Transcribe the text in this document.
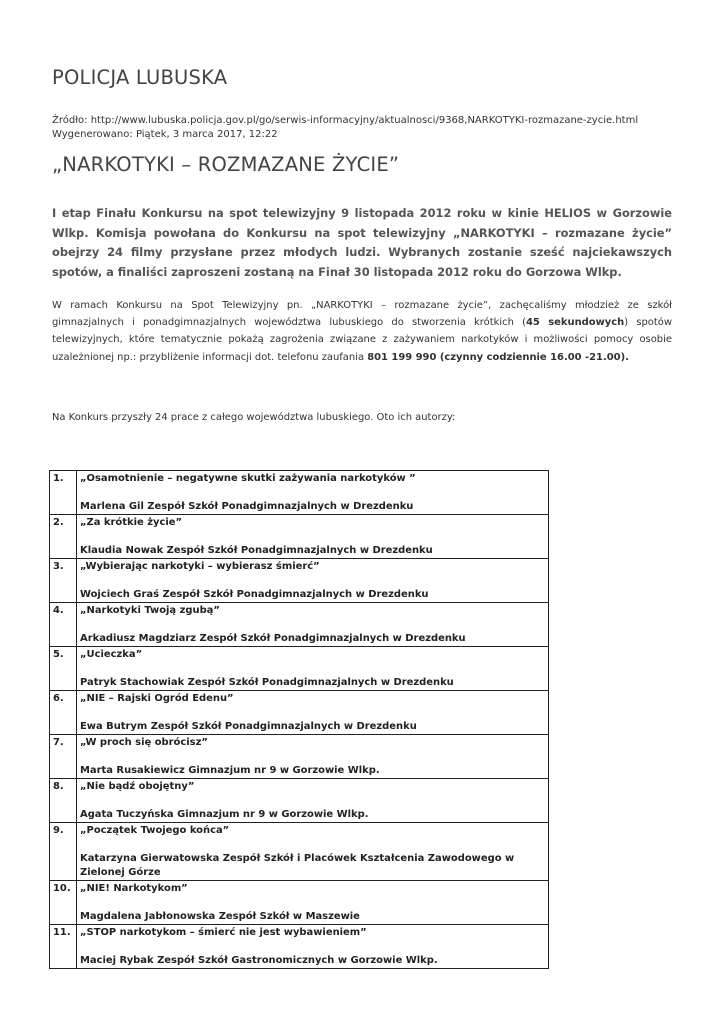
POLICJA LUBUSKA
Źródło: http://www.lubuska.policja.gov.pl/go/serwis-informacyjny/aktualnosci/9368,NARKOTYKI-rozmazane-zycie.html
Wygenerowano: Piątek, 3 marca 2017, 12:22
„NARKOTYKI – ROZMAZANE ŻYCIE”
I etap Finału Konkursu na spot telewizyjny 9 listopada 2012 roku w kinie HELIOS w Gorzowie Wlkp. Komisja powołana do Konkursu na spot telewizyjny „NARKOTYKI – rozmazane życie” obejrzy 24 filmy przysłane przez młodych ludzi. Wybranych zostanie sześć najciekawszych spotów, a finaliści zaproszeni zostaną na Finał 30 listopada 2012 roku do Gorzowa Wlkp.
W ramach Konkursu na Spot Telewizyjny pn. „NARKOTYKI – rozmazane życie”, zachęcaliśmy młodzież ze szkół gimnazjalnych i ponadgimnazjalnych województwa lubuskiego do stworzenia krótkich (45 sekundowych) spotów telewizyjnych, które tematycznie pokażą zagrożenia związane z zażywaniem narkotyków i możliwości pomocy osobie uzależnionej np.: przybliżenie informacji dot. telefonu zaufania 801 199 990 (czynny codziennie 16.00 -21.00).
Na Konkurs przyszły 24 prace z całego województwa lubuskiego. Oto ich autorzy:
1.	„Osamotnienie – negatywne skutki zażywania narkotyków ”
Marlena Gil Zespół Szkół Ponadgimnazjalnych w Drezdenku

2.	„Za krótkie życie”
Klaudia Nowak Zespół Szkół Ponadgimnazjalnych w Drezdenku

3.	„Wybierając narkotyki – wybierasz śmierć”
Wojciech Graś Zespół Szkół Ponadgimnazjalnych w Drezdenku

4.	„Narkotyki Twoją zgubą”
Arkadiusz Magdziarz Zespół Szkół Ponadgimnazjalnych w Drezdenku

5.	„Ucieczka”
Patryk Stachowiak Zespół Szkół Ponadgimnazjalnych w Drezdenku

6.	„NIE – Rajski Ogród Edenu”
Ewa Butrym Zespół Szkół Ponadgimnazjalnych w Drezdenku

7.	„W proch się obrócisz”
Marta Rusakiewicz Gimnazjum nr 9 w Gorzowie Wlkp.

8.	„Nie bądź obojętny”
Agata Tuczyńska Gimnazjum nr 9 w Gorzowie Wlkp.

9.	„Początek Twojego końca”
Katarzyna Gierwatowska Zespół Szkół i Placówek Kształcenia Zawodowego w Zielonej Górze

10.	„NIE! Narkotykom”
Magdalena Jabłonowska Zespół Szkół w Maszewie

11.	„STOP narkotykom – śmierć nie jest wybawieniem”
Maciej Rybak Zespół Szkół Gastronomicznych w Gorzowie Wlkp.
